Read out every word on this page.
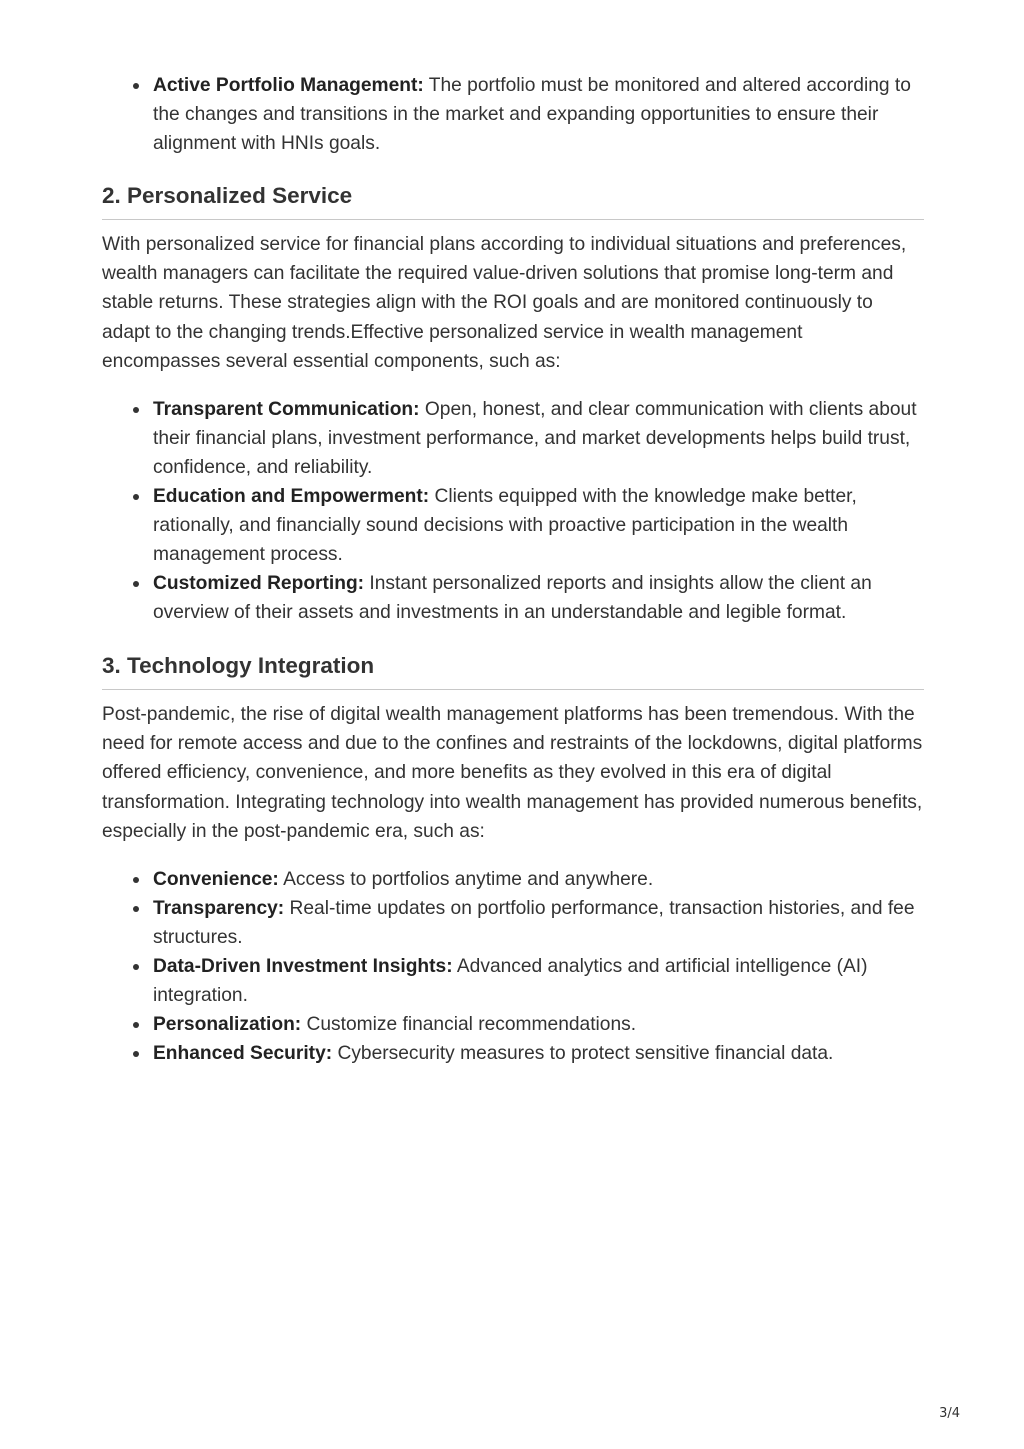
Active Portfolio Management: The portfolio must be monitored and altered according to the changes and transitions in the market and expanding opportunities to ensure their alignment with HNIs goals.
2. Personalized Service

With personalized service for financial plans according to individual situations and preferences, wealth managers can facilitate the required value-driven solutions that promise long-term and stable returns. These strategies align with the ROI goals and are monitored continuously to adapt to the changing trends.Effective personalized service in wealth management encompasses several essential components, such as:

Transparent Communication: Open, honest, and clear communication with clients about their financial plans, investment performance, and market developments helps build trust, confidence, and reliability.
Education and Empowerment: Clients equipped with the knowledge make better, rationally, and financially sound decisions with proactive participation in the wealth management process.
Customized Reporting: Instant personalized reports and insights allow the client an overview of their assets and investments in an understandable and legible format.
3. Technology Integration

Post-pandemic, the rise of digital wealth management platforms has been tremendous. With the need for remote access and due to the confines and restraints of the lockdowns, digital platforms offered efficiency, convenience, and more benefits as they evolved in this era of digital transformation. Integrating technology into wealth management has provided numerous benefits, especially in the post-pandemic era, such as:

Convenience: Access to portfolios anytime and anywhere.
Transparency: Real-time updates on portfolio performance, transaction histories, and fee structures.
Data-Driven Investment Insights: Advanced analytics and artificial intelligence (AI) integration.
Personalization: Customize financial recommendations.
Enhanced Security: Cybersecurity measures to protect sensitive financial data.
3/4
